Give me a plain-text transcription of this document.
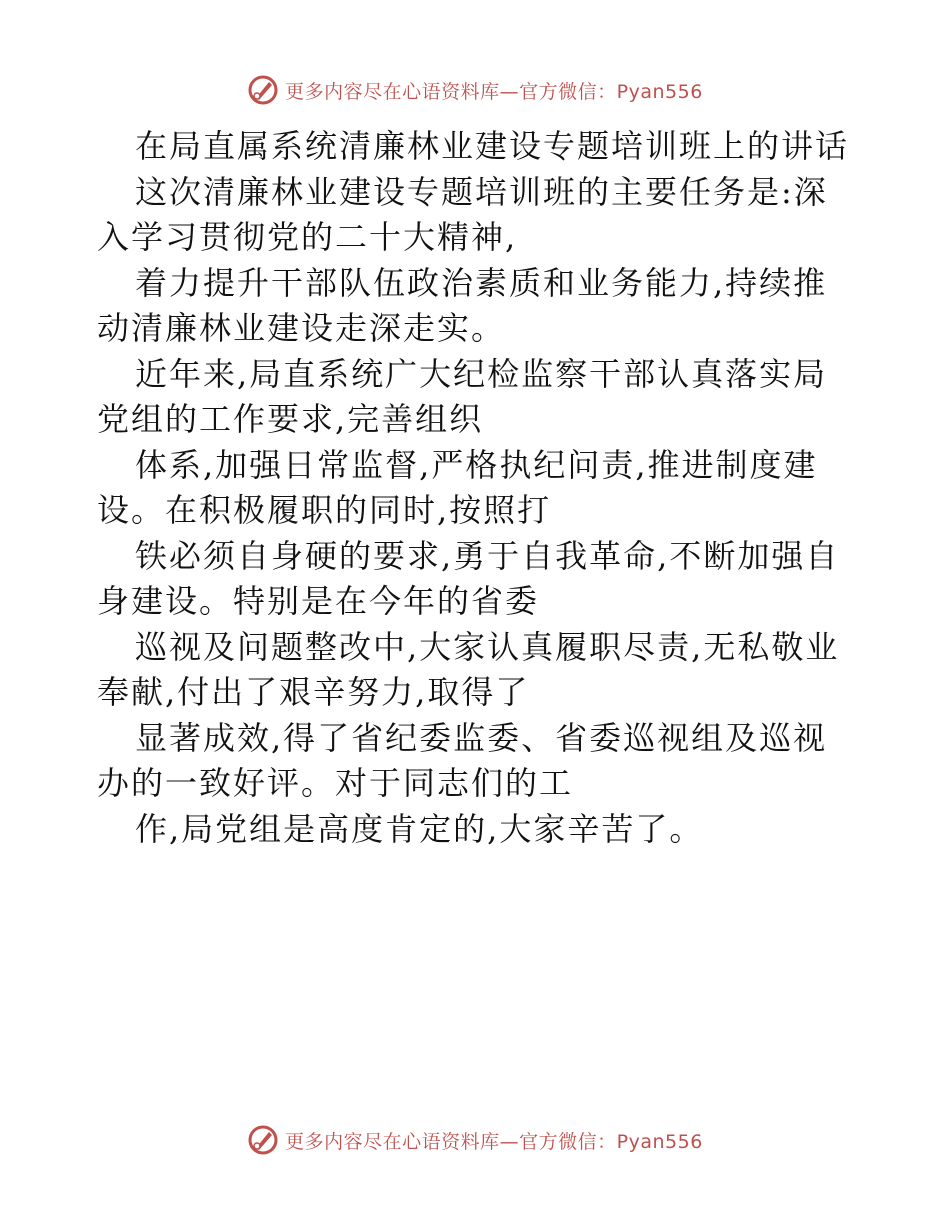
更多内容尽在心语资料库—官方微信：Pyan556
在局直属系统清廉林业建设专题培训班上的讲话
这次清廉林业建设专题培训班的主要任务是:深
入学习贯彻党的二十大精神,
着力提升干部队伍政治素质和业务能力,持续推
动清廉林业建设走深走实。
近年来,局直系统广大纪检监察干部认真落实局
党组的工作要求,完善组织
体系,加强日常监督,严格执纪问责,推进制度建
设。在积极履职的同时,按照打
铁必须自身硬的要求,勇于自我革命,不断加强自
身建设。特别是在今年的省委
巡视及问题整改中,大家认真履职尽责,无私敬业
奉献,付出了艰辛努力,取得了
显著成效,得了省纪委监委、省委巡视组及巡视
办的一致好评。对于同志们的工
作,局党组是高度肯定的,大家辛苦了。
更多内容尽在心语资料库—官方微信：Pyan556
